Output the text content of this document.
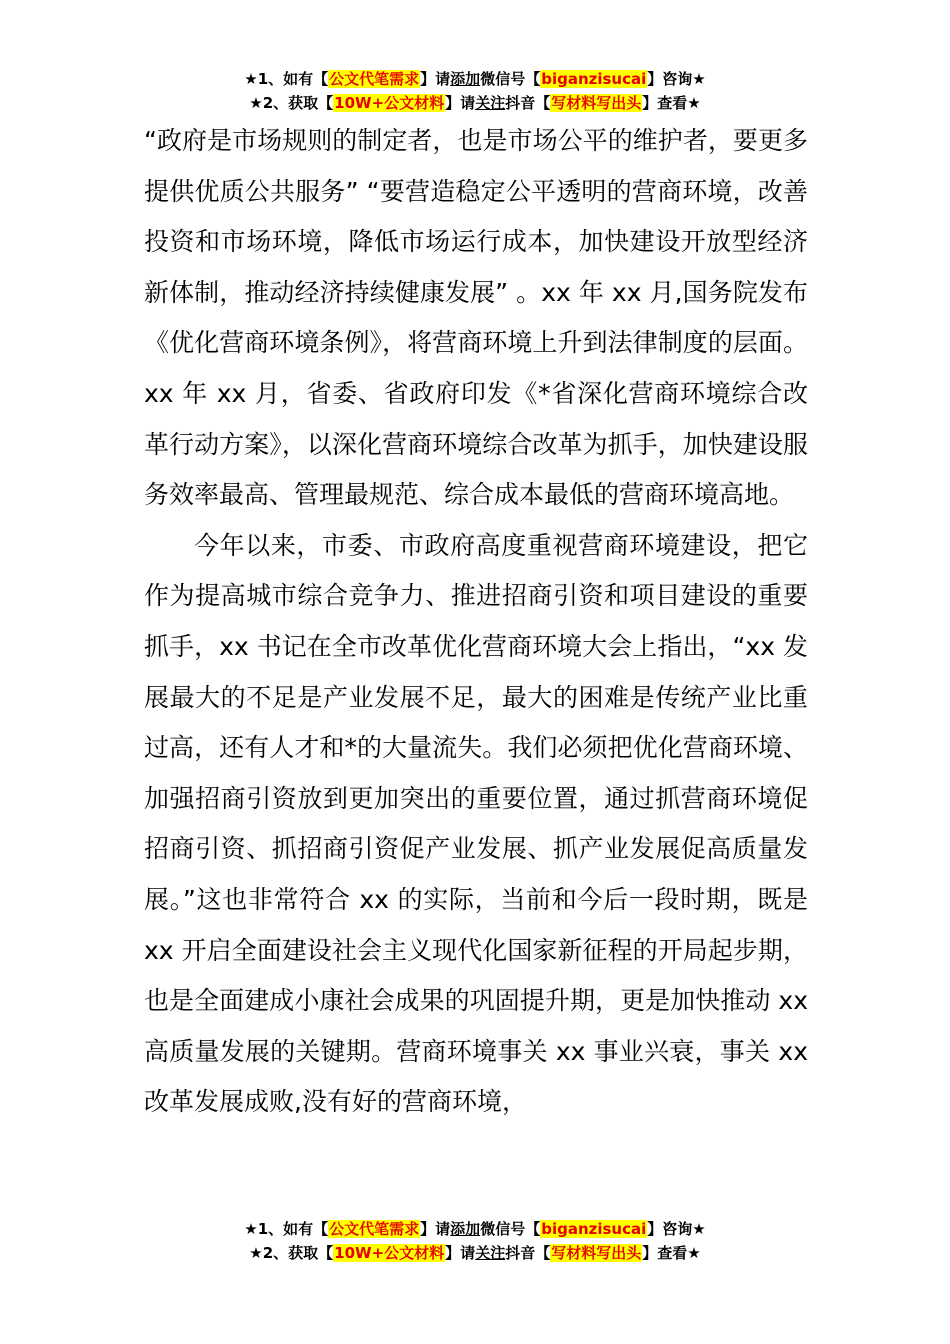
★1、如有【公文代笔需求】请添加微信号【biganzisucai】咨询★
★2、获取【10W+公文材料】请关注抖音【写材料写出头】查看★

“政府是市场规则的制定者，也是市场公平的维护者，要更多提供优质公共服务” “要营造稳定公平透明的营商环境，改善投资和市场环境，降低市场运行成本，加快建设开放型经济新体制，推动经济持续健康发展” 。xx 年 xx 月,国务院发布《优化营商环境条例》，将营商环境上升到法律制度的层面。xx 年 xx 月，省委、省政府印发《*省深化营商环境综合改革行动方案》，以深化营商环境综合改革为抓手，加快建设服务效率最高、管理最规范、综合成本最低的营商环境高地。

今年以来，市委、市政府高度重视营商环境建设，把它作为提高城市综合竞争力、推进招商引资和项目建设的重要抓手，xx 书记在全市改革优化营商环境大会上指出，“xx 发展最大的不足是产业发展不足，最大的困难是传统产业比重过高，还有人才和*的大量流失。我们必须把优化营商环境、加强招商引资放到更加突出的重要位置，通过抓营商环境促招商引资、抓招商引资促产业发展、抓产业发展促高质量发展。”这也非常符合 xx 的实际，当前和今后一段时期，既是 xx 开启全面建设社会主义现代化国家新征程的开局起步期，也是全面建成小康社会成果的巩固提升期，更是加快推动 xx 高质量发展的关键期。营商环境事关 xx 事业兴衰，事关 xx 改革发展成败,没有好的营商环境，

★1、如有【公文代笔需求】请添加微信号【biganzisucai】咨询★
★2、获取【10W+公文材料】请关注抖音【写材料写出头】查看★
